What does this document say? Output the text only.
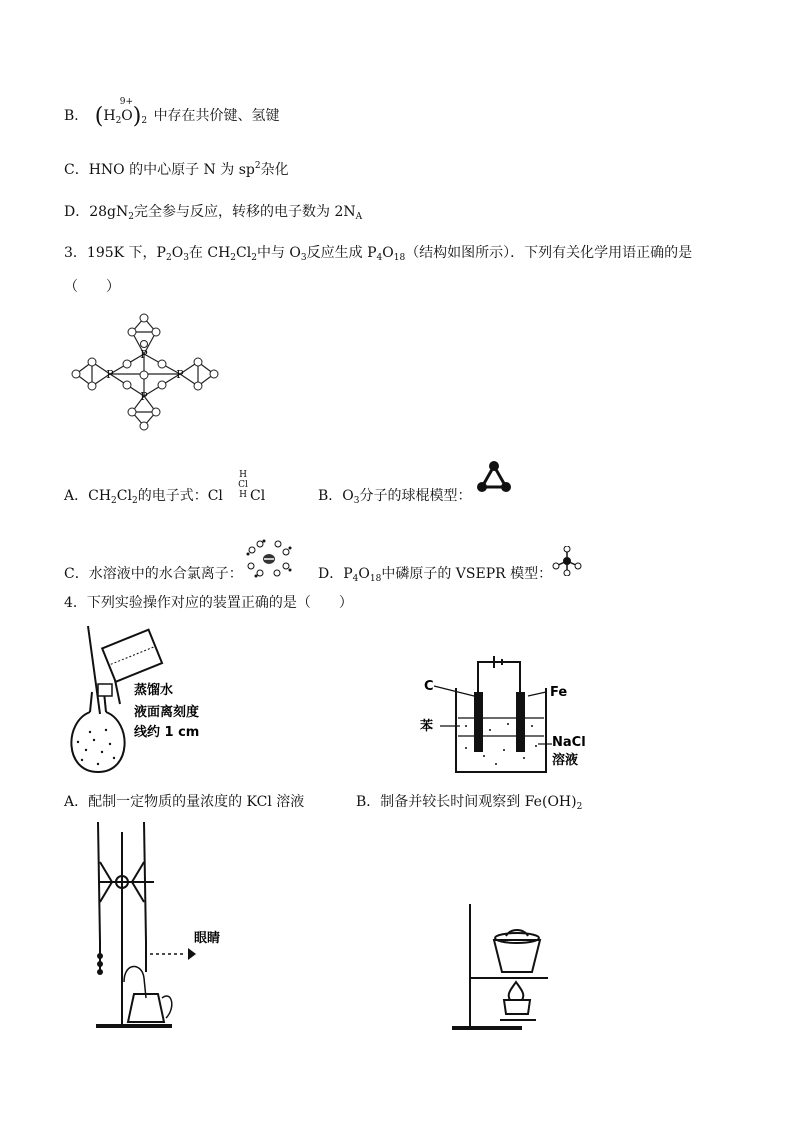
B． ($H_2O$
9+
)$_2$ 中存在共价键、氢键
C．HNO 的中心原子 N 为 $sp^2$杂化
D．$28gN_2$完全参与反应，转移的电子数为 $2N_A$
3．195K 下，$P_2O_3$在 $CH_2Cl_2$中与 $O_3$反应生成 $P_4O_{18}$（结构如图所示）．下列有关化学用语正确的是
（　　）
P
P	P
P
A．$CH_2Cl_2$的电子式：Cl
H
Cl
H Cl	B．$O_3$分子的球棍模型：
C．水溶液中的水合氯离子：	D．$P_4O_{18}$中磷原子的 VSEPR 模型：
4．下列实验操作对应的装置正确的是（　　）
蒸馏水
液面离刻度
线约 1 cm
C	Fe
苯
NaCl
溶液
A．配制一定物质的量浓度的 KCl 溶液	B．制备并较长时间观察到 $Fe(OH)_2$
眼睛
